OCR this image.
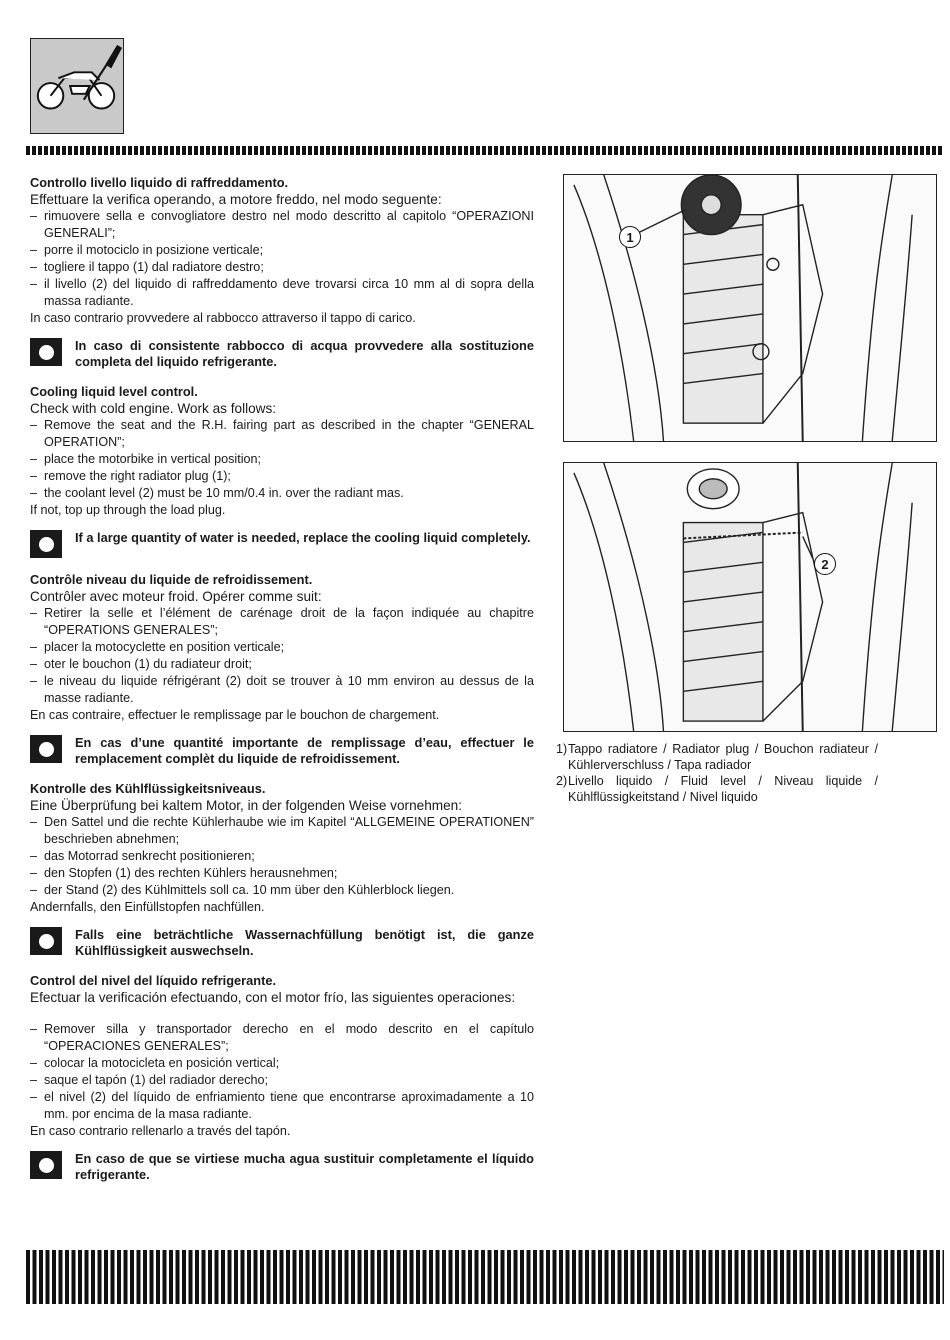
Controllo livello liquido di raffreddamento.

Effettuare la verifica operando, a motore freddo, nel modo seguente:

– rimuovere sella e convogliatore destro nel modo descritto al capitolo “OPERAZIONI GENERALI”;

– porre il motociclo in posizione verticale;

– togliere il tappo (1) dal radiatore destro;

– il livello (2) del liquido di raffreddamento deve trovarsi circa 10 mm al di sopra della massa radiante.

In caso contrario provvedere al rabbocco attraverso il tappo di carico.

In caso di consistente rabbocco di acqua provvedere alla sostituzione completa del liquido refrigerante.

Cooling liquid level control.

Check with cold engine. Work as follows:

– Remove the seat and the R.H. fairing part as described in the chapter “GENERAL OPERATION”;

– place the motorbike in vertical position;

– remove the right radiator plug (1);

– the coolant level (2) must be 10 mm/0.4 in. over the radiant mas.

If not, top up through the load plug.

If a large quantity of water is needed, replace the cooling liquid completely.

Contrôle niveau du liquide de refroidissement.

Contrôler avec moteur froid. Opérer comme suit:

– Retirer la selle et l’élément de carénage droit de la façon indiquée au chapitre “OPERATIONS GENERALES”;

– placer la motocyclette en position verticale;

– oter le bouchon (1) du radiateur droit;

– le niveau du liquide réfrigérant (2) doit se trouver à 10 mm environ au dessus de la masse radiante.

En cas contraire, effectuer le remplissage par le bouchon de chargement.

En cas d’une quantité importante de remplissage d’eau, effectuer le remplacement complèt du liquide de refroidissement.

Kontrolle des Kühlflüssigkeitsniveaus.

Eine Überprüfung bei kaltem Motor, in der folgenden Weise vornehmen:

– Den Sattel und die rechte Kühlerhaube wie im Kapitel “ALLGEMEINE OPERATIONEN” beschrieben abnehmen;

– das Motorrad senkrecht positionieren;

– den Stopfen (1) des rechten Kühlers herausnehmen;

– der Stand (2) des Kühlmittels soll ca. 10 mm über den Kühlerblock liegen.

Andernfalls, den Einfüllstopfen nachfüllen.

Falls eine beträchtliche Wassernachfüllung benötigt ist, die ganze Kühlflüssigkeit auswechseln.

Control del nivel del líquido refrigerante.

Efectuar la verificación efectuando, con el motor frío, las siguientes operaciones:

– Remover silla y transportador derecho en el modo descrito en el capítulo “OPERACIONES GENERALES”;

– colocar la motocicleta en posición vertical;

– saque el tapón (1) del radiador derecho;

– el nivel (2) del líquido de enfriamiento tiene que encontrarse aproximadamente a 10 mm. por encima de la masa radiante.

En caso contrario rellenarlo a través del tapón.

En caso de que se virtiese mucha agua sustituir completamente el líquido refrigerante.
1
2

1) Tappo radiatore / Radiator plug / Bouchon radiateur / Kühlerverschluss / Tapa radiador

2) Livello liquido / Fluid level / Niveau liquide / Kühlflüssigkeitstand / Nivel liquido
